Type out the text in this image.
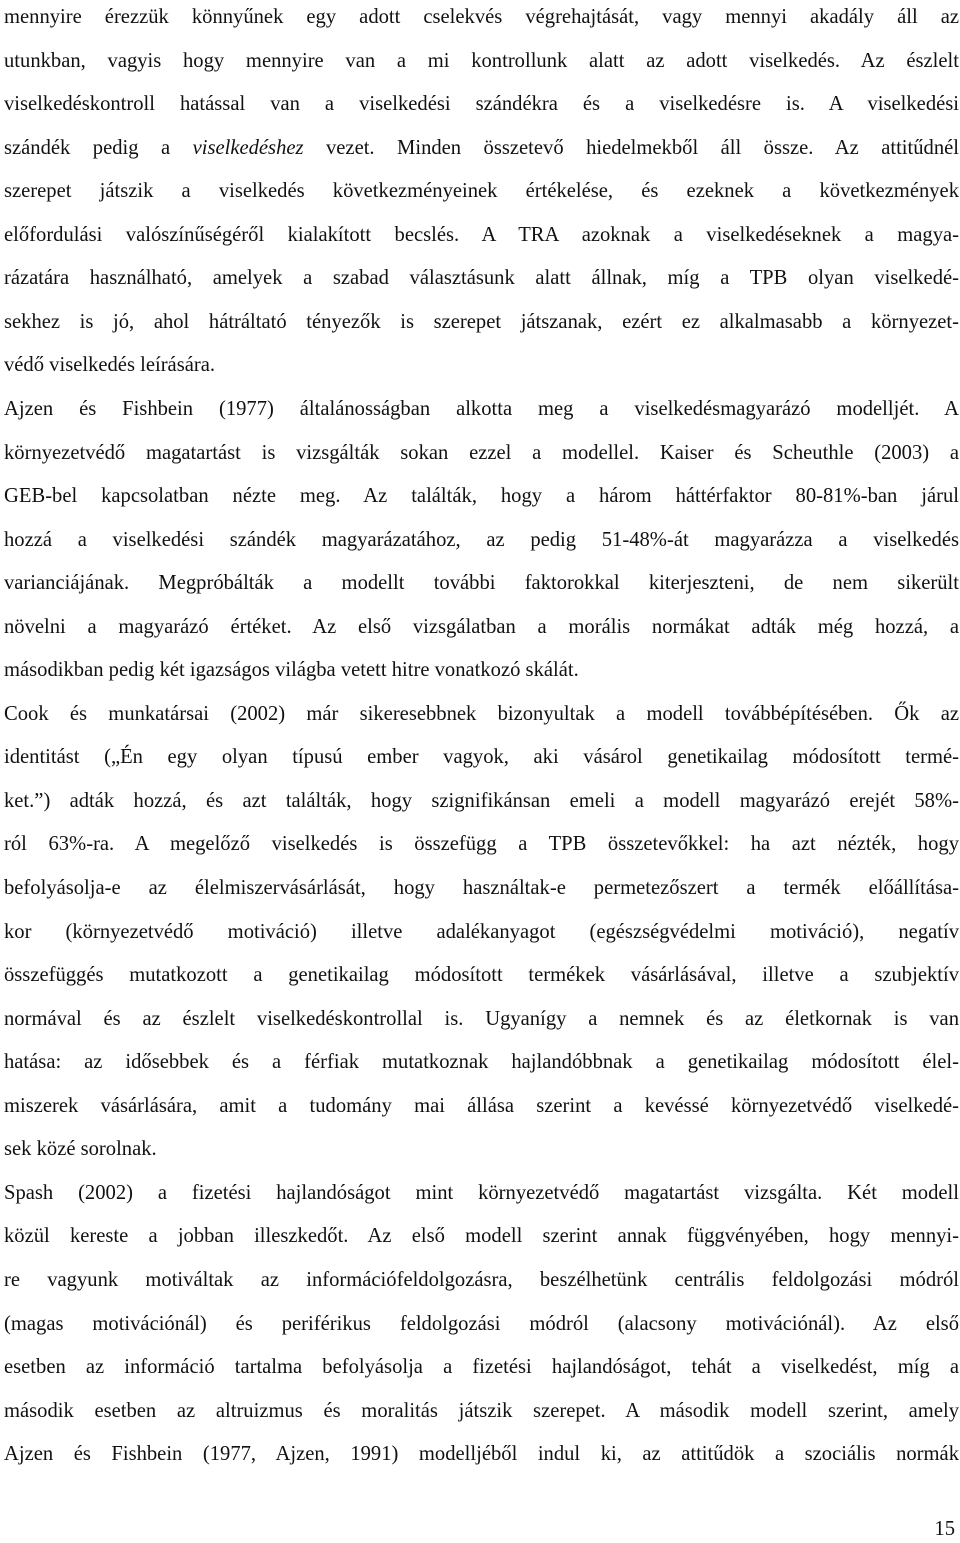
mennyire érezzük könnyűnek egy adott cselekvés végrehajtását, vagy mennyi akadály áll az
utunkban, vagyis hogy mennyire van a mi kontrollunk alatt az adott viselkedés. Az észlelt
viselkedéskontroll hatással van a viselkedési szándékra és a viselkedésre is. A viselkedési
szándék pedig a viselkedéshez vezet. Minden összetevő hiedelmekből áll össze. Az attitűdnél
szerepet játszik a viselkedés következményeinek értékelése, és ezeknek a következmények
előfordulási valószínűségéről kialakított becslés. A TRA azoknak a viselkedéseknek a magya-
rázatára használható, amelyek a szabad választásunk alatt állnak, míg a TPB olyan viselkedé-
sekhez is jó, ahol hátráltató tényezők is szerepet játszanak, ezért ez alkalmasabb a környezet-
védő viselkedés leírására.
Ajzen és Fishbein (1977) általánosságban alkotta meg a viselkedésmagyarázó modelljét. A
környezetvédő magatartást is vizsgálták sokan ezzel a modellel. Kaiser és Scheuthle (2003) a
GEB-bel kapcsolatban nézte meg. Az találták, hogy a három háttérfaktor 80-81%-ban járul
hozzá a viselkedési szándék magyarázatához, az pedig 51-48%-át magyarázza a viselkedés
varianciájának. Megpróbálták a modellt további faktorokkal kiterjeszteni, de nem sikerült
növelni a magyarázó értéket. Az első vizsgálatban a morális normákat adták még hozzá, a
másodikban pedig két igazságos világba vetett hitre vonatkozó skálát.
Cook és munkatársai (2002) már sikeresebbnek bizonyultak a modell továbbépítésében. Ők az
identitást („Én egy olyan típusú ember vagyok, aki vásárol genetikailag módosított termé-
ket.”) adták hozzá, és azt találták, hogy szignifikánsan emeli a modell magyarázó erejét 58%-
ról 63%-ra. A megelőző viselkedés is összefügg a TPB összetevőkkel: ha azt nézték, hogy
befolyásolja-e az élelmiszervásárlását, hogy használtak-e permetezőszert a termék előállítása-
kor (környezetvédő motiváció) illetve adalékanyagot (egészségvédelmi motiváció), negatív
összefüggés mutatkozott a genetikailag módosított termékek vásárlásával, illetve a szubjektív
normával és az észlelt viselkedéskontrollal is. Ugyanígy a nemnek és az életkornak is van
hatása: az idősebbek és a férfiak mutatkoznak hajlandóbbnak a genetikailag módosított élel-
miszerek vásárlására, amit a tudomány mai állása szerint a kevéssé környezetvédő viselkedé-
sek közé sorolnak.
Spash (2002) a fizetési hajlandóságot mint környezetvédő magatartást vizsgálta. Két modell
közül kereste a jobban illeszkedőt. Az első modell szerint annak függvényében, hogy mennyi-
re vagyunk motiváltak az információfeldolgozásra, beszélhetünk centrális feldolgozási módról
(magas motivációnál) és periférikus feldolgozási módról (alacsony motivációnál). Az első
esetben az információ tartalma befolyásolja a fizetési hajlandóságot, tehát a viselkedést, míg a
második esetben az altruizmus és moralitás játszik szerepet. A második modell szerint, amely
Ajzen és Fishbein (1977, Ajzen, 1991) modelljéből indul ki, az attitűdök a szociális normák
15
